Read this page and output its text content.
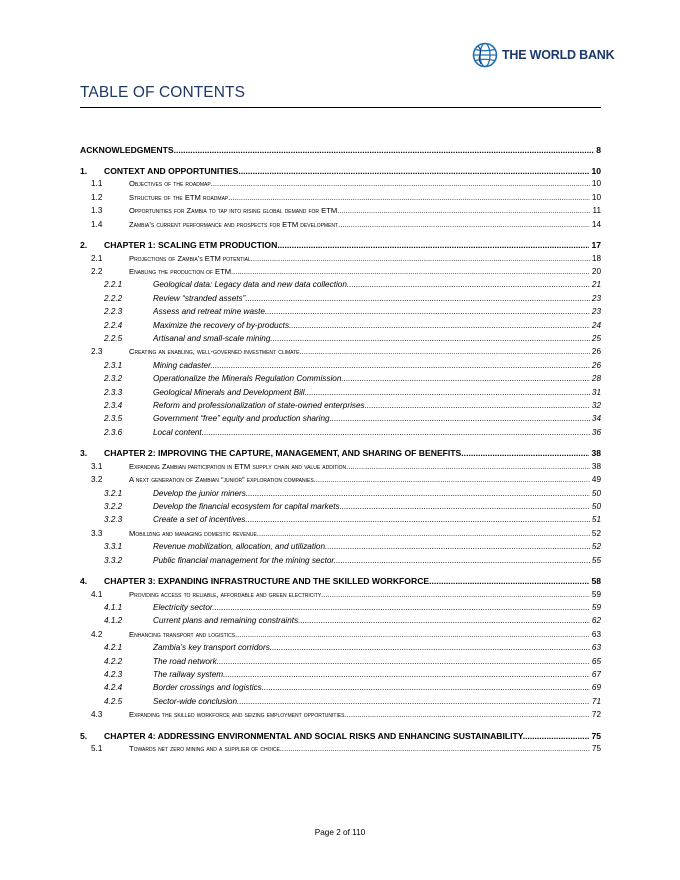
THE WORLD BANK
TABLE OF CONTENTS
ACKNOWLEDGMENTS .....	8
1. CONTEXT AND OPPORTUNITIES .....	10
1.1	Objectives of the roadmap .....	10
1.2	Structure of the ETM roadmap .....	10
1.3	Opportunities for Zambia to tap into rising global demand for ETM .....	11
1.4	Zambia’s current performance and prospects for ETM development .....	14
2. CHAPTER 1: SCALING ETM PRODUCTION .....	17
2.1	Projections of Zambia’s ETM potential .....	18
2.2	Enabling the production of ETM .....	20
2.2.1	Geological data: Legacy data and new data collection .....	21
2.2.2	Review “stranded assets” .....	23
2.2.3	Assess and retreat mine waste .....	23
2.2.4	Maximize the recovery of by-products .....	24
2.2.5	Artisanal and small-scale mining .....	25
2.3	Creating an enabling, well-governed investment climate .....	26
2.3.1	Mining cadaster .....	26
2.3.2	Operationalize the Minerals Regulation Commission .....	28
2.3.3	Geological Minerals and Development Bill .....	31
2.3.4	Reform and professionalization of state-owned enterprises .....	32
2.3.5	Government “free” equity and production sharing .....	34
2.3.6	Local content .....	36
3. CHAPTER 2: IMPROVING THE CAPTURE, MANAGEMENT, AND SHARING OF BENEFITS .....	38
3.1	Expanding Zambian participation in ETM supply chain and value addition .....	38
3.2	A next generation of Zambian “junior” exploration companies .....	49
3.2.1	Develop the junior miners .....	50
3.2.2	Develop the financial ecosystem for capital markets .....	50
3.2.3	Create a set of incentives .....	51
3.3	Mobilizing and managing domestic revenue .....	52
3.3.1	Revenue mobilization, allocation, and utilization .....	52
3.3.2	Public financial management for the mining sector .....	55
4. CHAPTER 3: EXPANDING INFRASTRUCTURE AND THE SKILLED WORKFORCE .....	58
4.1	Providing access to reliable, affordable and green electricity .....	59
4.1.1	Electricity sector .....	59
4.1.2	Current plans and remaining constraints .....	62
4.2	Enhancing transport and logistics .....	63
4.2.1	Zambia’s key transport corridors .....	63
4.2.2	The road network .....	65
4.2.3	The railway system .....	67
4.2.4	Border crossings and logistics .....	69
4.2.5	Sector-wide conclusion .....	71
4.3	Expanding the skilled workforce and seizing employment opportunities .....	72
5. CHAPTER 4: ADDRESSING ENVIRONMENTAL AND SOCIAL RISKS AND ENHANCING SUSTAINABILITY .....	75
5.1	Towards net zero mining and a supplier of choice .....	75
Page 2 of 110
